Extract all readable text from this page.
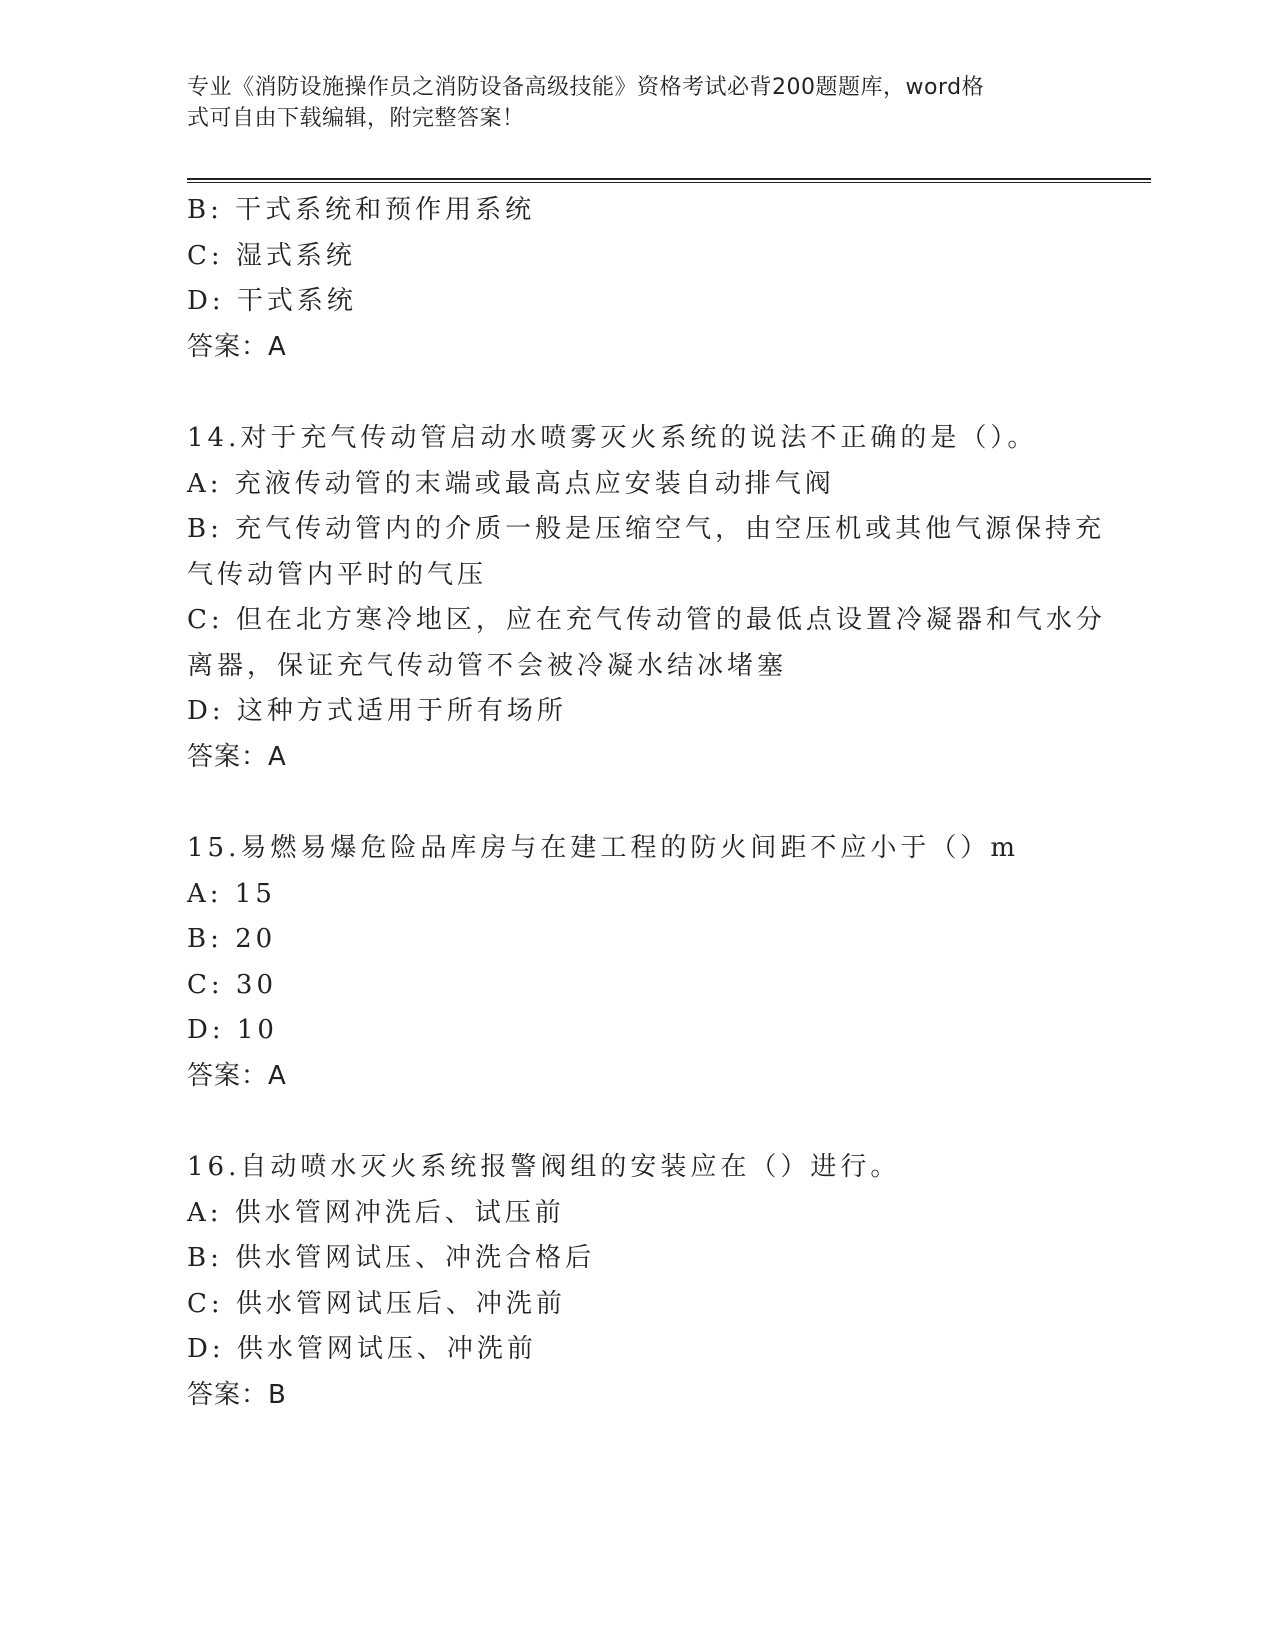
专业《消防设施操作员之消防设备高级技能》资格考试必背200题题库，word格
式可自由下载编辑，附完整答案！
B: 干式系统和预作用系统
C: 湿式系统
D: 干式系统
答案：A
14.对于充气传动管启动水喷雾灭火系统的说法不正确的是（）。
A: 充液传动管的末端或最高点应安装自动排气阀
B: 充气传动管内的介质一般是压缩空气，由空压机或其他气源保持充
气传动管内平时的气压
C: 但在北方寒冷地区，应在充气传动管的最低点设置冷凝器和气水分
离器，保证充气传动管不会被冷凝水结冰堵塞
D: 这种方式适用于所有场所
答案：A
15.易燃易爆危险品库房与在建工程的防火间距不应小于（）m
A: 15
B: 20
C: 30
D: 10
答案：A
16.自动喷水灭火系统报警阀组的安装应在（）进行。
A: 供水管网冲洗后、试压前
B: 供水管网试压、冲洗合格后
C: 供水管网试压后、冲洗前
D: 供水管网试压、冲洗前
答案：B
